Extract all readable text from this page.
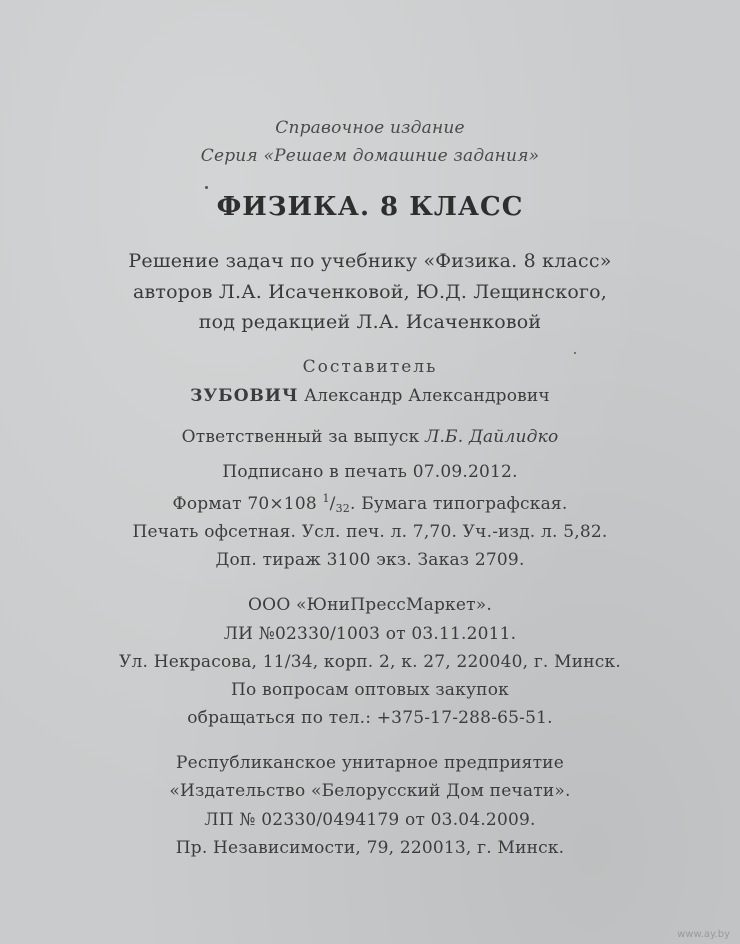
Справочное издание
Серия «Решаем домашние задания»
ФИЗИКА. 8 КЛАСС
Решение задач по учебнику «Физика. 8 класс»
авторов Л.А. Исаченковой, Ю.Д. Лещинского,
под редакцией Л.А. Исаченковой
Составитель
ЗУБОВИЧ Александр Александрович
Ответственный за выпуск Л.Б. Дайлидко
Подписано в печать 07.09.2012.
Формат 70×108 $^1$/32. Бумага типографская.
Печать офсетная. Усл. печ. л. 7,70. Уч.-изд. л. 5,82.
Доп. тираж 3100 экз. Заказ 2709.
ООО «ЮниПрессМаркет».
ЛИ №02330/1003 от 03.11.2011.
Ул. Некрасова, 11/34, корп. 2, к. 27, 220040, г. Минск.
По вопросам оптовых закупок
обращаться по тел.: +375-17-288-65-51.
Республиканское унитарное предприятие
«Издательство «Белорусский Дом печати».
ЛП № 02330/0494179 от 03.04.2009.
Пр. Независимости, 79, 220013, г. Минск.
www.ay.by
